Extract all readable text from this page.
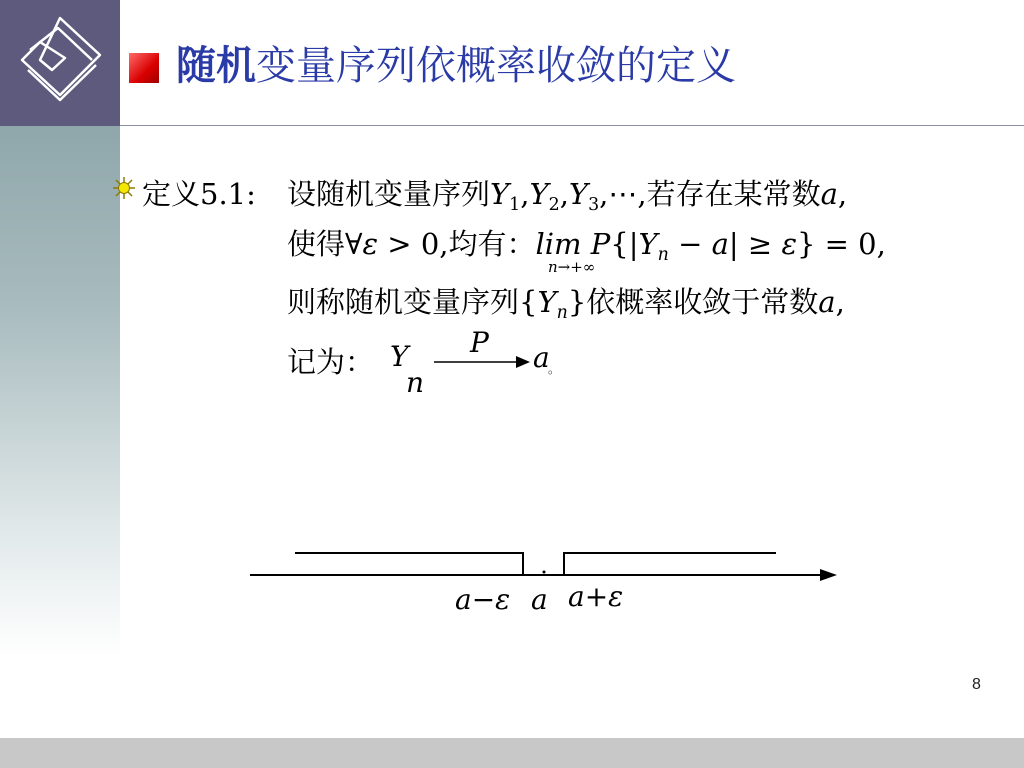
随机变量序列依概率收敛的定义
定义5.1: 设随机变量序列$Y_1,Y_2,Y_3,\cdots$,若存在某常数a,
使得∀ε > 0,均有：$\lim P\{|Y_n - a| \ge \varepsilon\} = 0$,
n→+∞
则称随机变量序列$\{Y_n\}$依概率收敛于常数a,
记为： Y
n
P a
。
a−ε a a+ε
8
